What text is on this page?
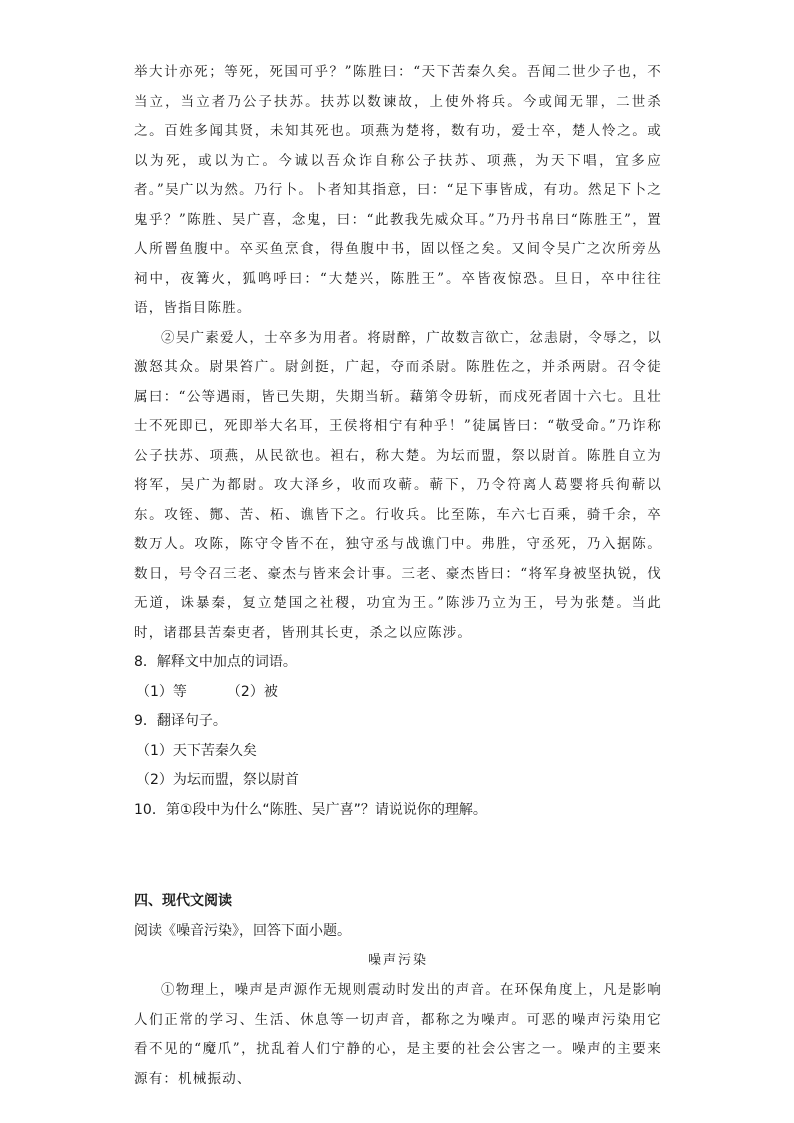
举大计亦死；等死，死国可乎？”陈胜曰：“天下苦秦久矣。吾闻二世少子也，不当立，当立者乃公子扶苏。扶苏以数谏故，上使外将兵。今或闻无罪，二世杀之。百姓多闻其贤，未知其死也。项燕为楚将，数有功，爱士卒，楚人怜之。或以为死，或以为亡。今诚以吾众诈自称公子扶苏、项燕，为天下唱，宜多应者。”吴广以为然。乃行卜。卜者知其指意，曰：“足下事皆成，有功。然足下卜之鬼乎？”陈胜、吴广喜，念鬼，曰：“此教我先威众耳。”乃丹书帛曰“陈胜王”，置人所罾鱼腹中。卒买鱼烹食，得鱼腹中书，固以怪之矣。又间令吴广之次所旁丛祠中，夜篝火，狐鸣呼曰：“大楚兴，陈胜王”。卒皆夜惊恐。旦日，卒中往往语，皆指目陈胜。

②吴广素爱人，士卒多为用者。将尉醉，广故数言欲亡，忿恚尉，令辱之，以激怒其众。尉果笞广。尉剑挺，广起，夺而杀尉。陈胜佐之，并杀两尉。召令徒属曰：“公等遇雨，皆已失期，失期当斩。藉第令毋斩，而戍死者固十六七。且壮士不死即已，死即举大名耳，王侯将相宁有种乎！”徒属皆曰：“敬受命。”乃诈称公子扶苏、项燕，从民欲也。袒右，称大楚。为坛而盟，祭以尉首。陈胜自立为将军，吴广为都尉。攻大泽乡，收而攻蕲。蕲下，乃令符离人葛婴将兵徇蕲以东。攻铚、酂、苦、柘、谯皆下之。行收兵。比至陈，车六七百乘，骑千余，卒数万人。攻陈，陈守令皆不在，独守丞与战谯门中。弗胜，守丞死，乃入据陈。数日，号令召三老、豪杰与皆来会计事。三老、豪杰皆曰：“将军身被坚执锐，伐无道，诛暴秦，复立楚国之社稷，功宜为王。”陈涉乃立为王，号为张楚。当此时，诸郡县苦秦吏者，皆刑其长吏，杀之以应陈涉。

8．解释文中加点的词语。

（1）等	（2）被

9．翻译句子。

（1）天下苦秦久矣

（2）为坛而盟，祭以尉首

10．第①段中为什么“陈胜、吴广喜”？请说说你的理解。

四、现代文阅读

阅读《噪音污染》，回答下面小题。

噪声污染

①物理上，噪声是声源作无规则震动时发出的声音。在环保角度上，凡是影响人们正常的学习、生活、休息等一切声音，都称之为噪声。可恶的噪声污染用它看不见的“魔爪”，扰乱着人们宁静的心，是主要的社会公害之一。噪声的主要来源有：机械振动、
